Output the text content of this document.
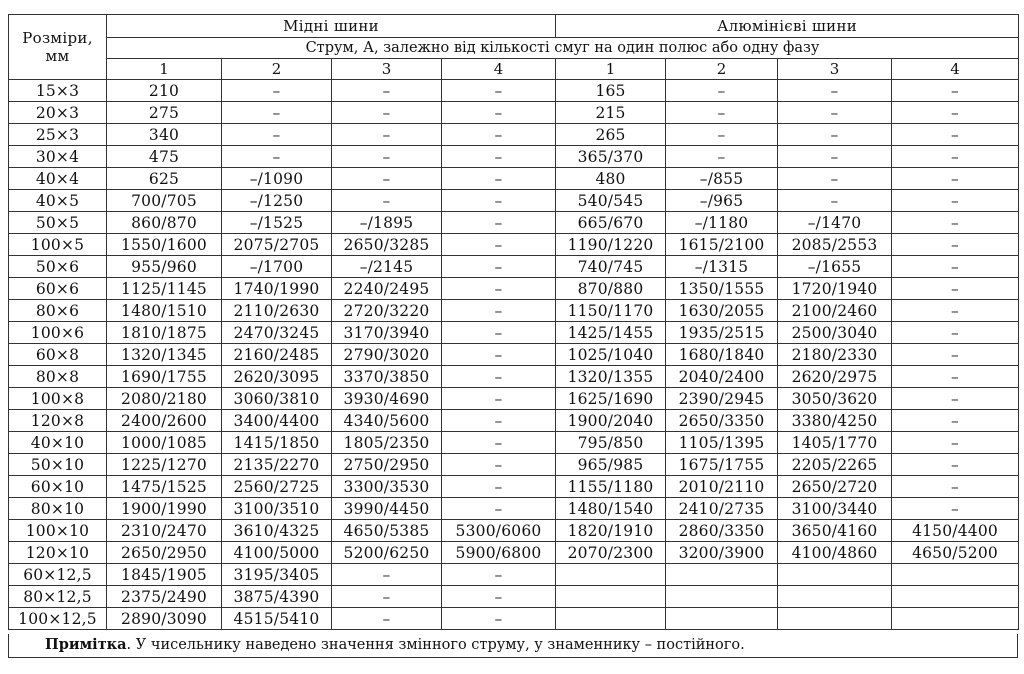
Розміри,
мм	Мідні шини				Алюмінієві шини			
	Струм, А, залежно від кількості смуг на один полюс або одну фазу							
	1	2	3	4	1	2	3	4
15×3	210	–	–	–	165	–	–	–
20×3	275	–	–	–	215	–	–	–
25×3	340	–	–	–	265	–	–	–
30×4	475	–	–	–	365/370	–	–	–
40×4	625	–/1090	–	–	480	–/855	–	–
40×5	700/705	–/1250	–	–	540/545	–/965	–	–
50×5	860/870	–/1525	–/1895	–	665/670	–/1180	–/1470	–
100×5	1550/1600	2075/2705	2650/3285	–	1190/1220	1615/2100	2085/2553	–
50×6	955/960	–/1700	–/2145	–	740/745	–/1315	–/1655	–
60×6	1125/1145	1740/1990	2240/2495	–	870/880	1350/1555	1720/1940	–
80×6	1480/1510	2110/2630	2720/3220	–	1150/1170	1630/2055	2100/2460	–
100×6	1810/1875	2470/3245	3170/3940	–	1425/1455	1935/2515	2500/3040	–
60×8	1320/1345	2160/2485	2790/3020	–	1025/1040	1680/1840	2180/2330	–
80×8	1690/1755	2620/3095	3370/3850	–	1320/1355	2040/2400	2620/2975	–
100×8	2080/2180	3060/3810	3930/4690	–	1625/1690	2390/2945	3050/3620	–
120×8	2400/2600	3400/4400	4340/5600	–	1900/2040	2650/3350	3380/4250	–
40×10	1000/1085	1415/1850	1805/2350	–	795/850	1105/1395	1405/1770	–
50×10	1225/1270	2135/2270	2750/2950	–	965/985	1675/1755	2205/2265	–
60×10	1475/1525	2560/2725	3300/3530	–	1155/1180	2010/2110	2650/2720	–
80×10	1900/1990	3100/3510	3990/4450	–	1480/1540	2410/2735	3100/3440	–
100×10	2310/2470	3610/4325	4650/5385	5300/6060	1820/1910	2860/3350	3650/4160	4150/4400
120×10	2650/2950	4100/5000	5200/6250	5900/6800	2070/2300	3200/3900	4100/4860	4650/5200
60×12,5	1845/1905	3195/3405	–	–				
80×12,5	2375/2490	3875/4390	–	–				
100×12,5	2890/3090	4515/5410	–	–				
Примітка. У чисельнику наведено значення змінного струму, у знаменнику – постійного.
